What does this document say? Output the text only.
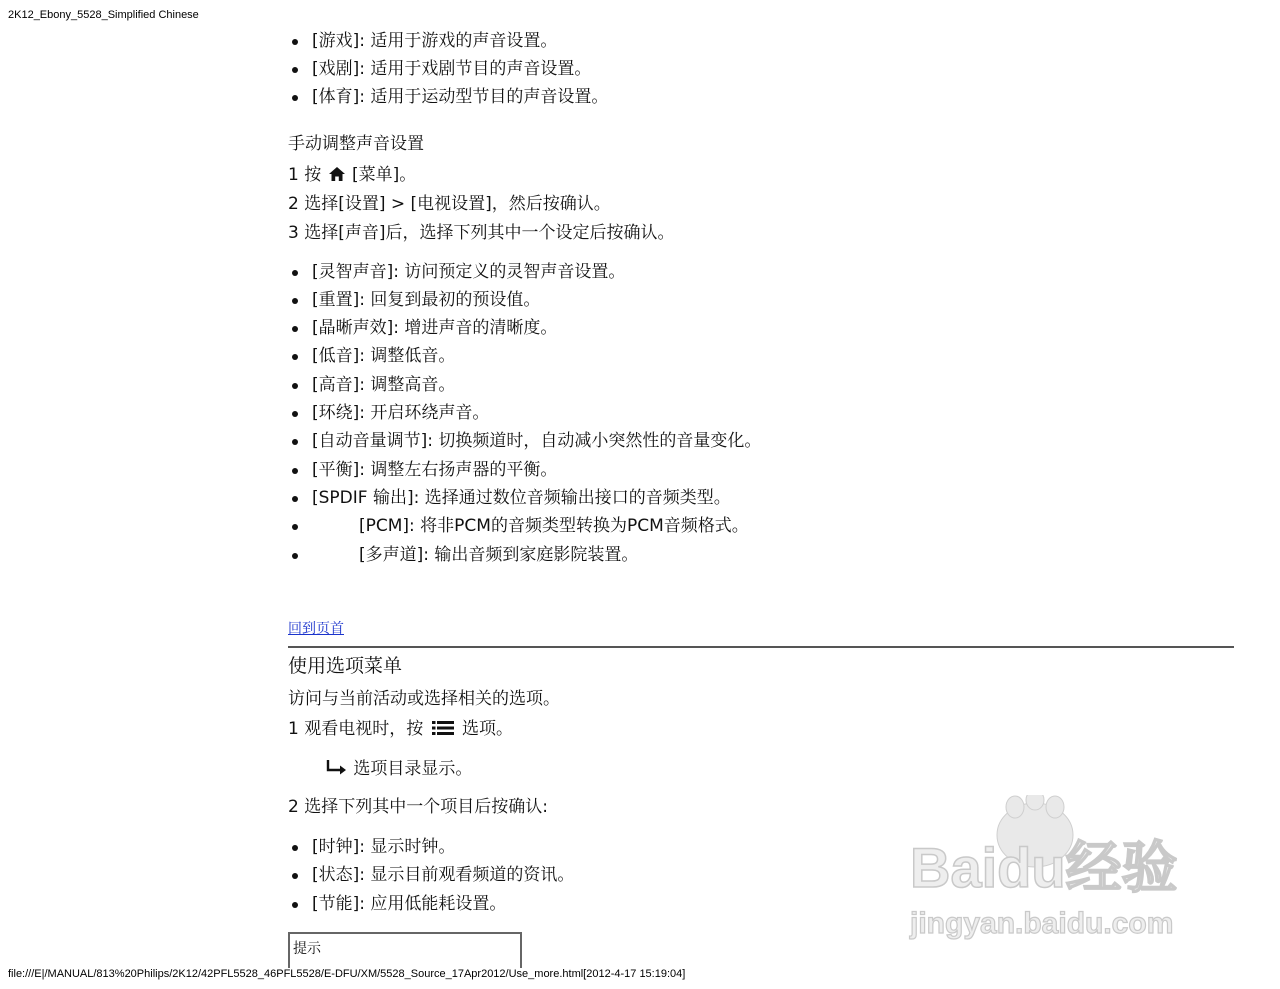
2K12_Ebony_5528_Simplified Chinese
[游戏]: 适用于游戏的声音设置。
[戏剧]: 适用于戏剧节目的声音设置。
[体育]: 适用于运动型节目的声音设置。
手动调整声音设置
1 按 [菜单]。
2 选择[设置] > [电视设置]，然后按确认。
3 选择[声音]后，选择下列其中一个设定后按确认。
[灵智声音]: 访问预定义的灵智声音设置。
[重置]: 回复到最初的预设值。
[晶晰声效]: 增进声音的清晰度。
[低音]: 调整低音。
[高音]: 调整高音。
[环绕]: 开启环绕声音。
[自动音量调节]: 切换频道时，自动减小突然性的音量变化。
[平衡]: 调整左右扬声器的平衡。
[SPDIF 输出]: 选择通过数位音频输出接口的音频类型。
[PCM]: 将非PCM的音频类型转换为PCM音频格式。
[多声道]: 输出音频到家庭影院装置。
回到页首
使用选项菜单
访问与当前活动或选择相关的选项。
1 观看电视时，按 选项。
选项目录显示。
2 选择下列其中一个项目后按确认:
[时钟]: 显示时钟。
[状态]: 显示目前观看频道的资讯。
[节能]: 应用低能耗设置。
提示
Baidu经验
jingyan.baidu.com
file:///E|/MANUAL/813%20Philips/2K12/42PFL5528_46PFL5528/E-DFU/XM/5528_Source_17Apr2012/Use_more.html[2012-4-17 15:19:04]
